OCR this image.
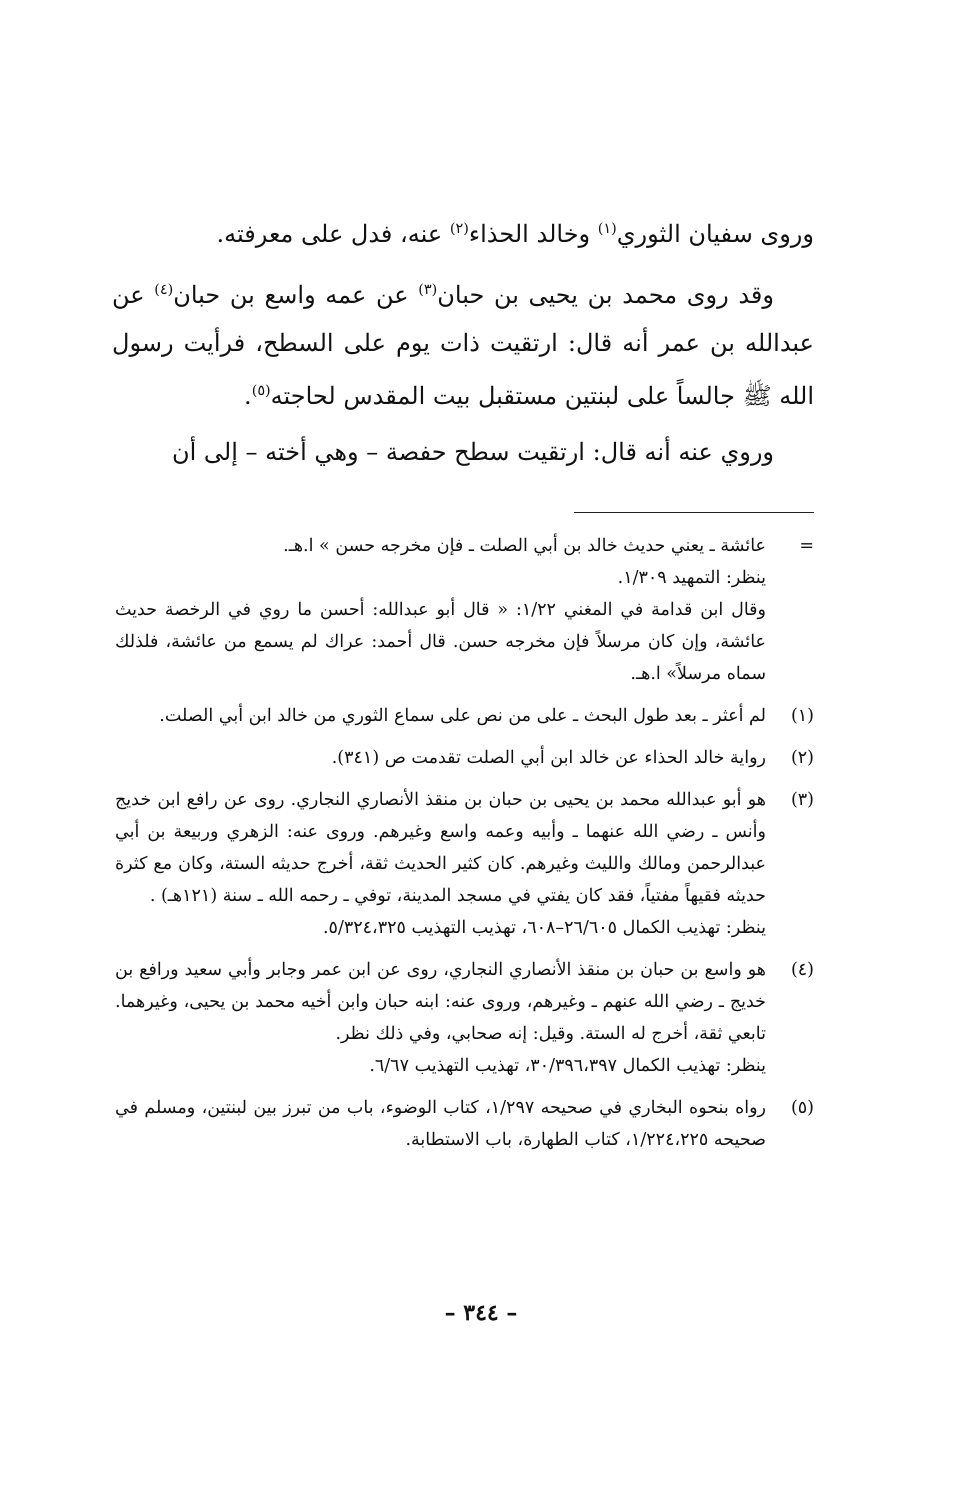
وروى سفيان الثوري$^{(١)}$ وخالد الحذاء$^{(٢)}$ عنه، فدل على معرفته.

وقد روى محمد بن يحيى بن حبان$^{(٣)}$ عن عمه واسع بن حبان$^{(٤)}$ عن عبدالله بن عمر أنه قال: ارتقيت ذات يوم على السطح، فرأيت رسول الله ﷺ جالساً على لبنتين مستقبل بيت المقدس لحاجته$^{(٥)}$.

وروي عنه أنه قال: ارتقيت سطح حفصة – وهي أخته – إلى أن

=
عائشة ـ يعني حديث خالد بن أبي الصلت ـ فإن مخرجه حسن » ا.هـ.
ينظر: التمهيد ١/٣٠٩.
وقال ابن قدامة في المغني ١/٢٢: « قال أبو عبدالله: أحسن ما روي في الرخصة حديث عائشة، وإن كان مرسلاً فإن مخرجه حسن. قال أحمد: عراك لم يسمع من عائشة، فلذلك سماه مرسلاً» ا.هـ.
(١)
لم أعثر ـ بعد طول البحث ـ على من نص على سماع الثوري من خالد ابن أبي الصلت.
(٢)
رواية خالد الحذاء عن خالد ابن أبي الصلت تقدمت ص (٣٤١).
(٣)
هو أبو عبدالله محمد بن يحيى بن حبان بن منقذ الأنصاري النجاري. روى عن رافع ابن خديج وأنس ـ رضي الله عنهما ـ وأبيه وعمه واسع وغيرهم. وروى عنه: الزهري وربيعة بن أبي عبدالرحمن ومالك والليث وغيرهم. كان كثير الحديث ثقة، أخرج حديثه الستة، وكان مع كثرة حديثه فقيهاً مفتياً، فقد كان يفتي في مسجد المدينة، توفي ـ رحمه الله ـ سنة (١٢١هـ) .
ينظر: تهذيب الكمال ٢٦/٦٠٥–٦٠٨، تهذيب التهذيب ٥/٣٢٤،٣٢٥.
(٤)
هو واسع بن حبان بن منقذ الأنصاري النجاري، روى عن ابن عمر وجابر وأبي سعيد ورافع بن خديج ـ رضي الله عنهم ـ وغيرهم، وروى عنه: ابنه حبان وابن أخيه محمد بن يحيى، وغيرهما. تابعي ثقة، أخرج له الستة. وقيل: إنه صحابي، وفي ذلك نظر.
ينظر: تهذيب الكمال ٣٠/٣٩٦،٣٩٧، تهذيب التهذيب ٦/٦٧.
(٥)
رواه بنحوه البخاري في صحيحه ١/٢٩٧، كتاب الوضوء، باب من تبرز بين لبنتين، ومسلم في صحيحه ١/٢٢٤،٢٢٥، كتاب الطهارة، باب الاستطابة.
– ٣٤٤ –
